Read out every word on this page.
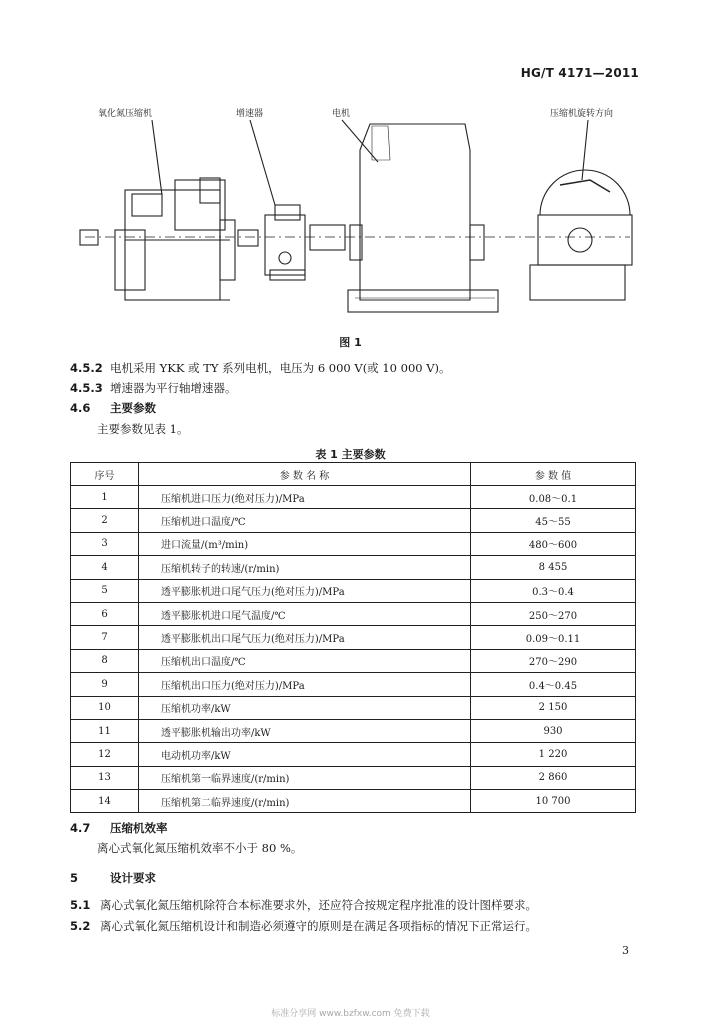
HG/T 4171—2011
氧化氮压缩机	增速器	电机	压缩机旋转方向
图 1
4.5.2 电机采用 YKK 或 TY 系列电机，电压为 6 000 V(或 10 000 V)。
4.5.3 增速器为平行轴增速器。
4.6 主要参数
主要参数见表 1。
表 1 主要参数
序号	参 数 名 称	参 数 值
1	压缩机进口压力(绝对压力)/MPa	0.08～0.1
2	压缩机进口温度/℃	45～55
3	进口流量/(m³/min)	480～600
4	压缩机转子的转速/(r/min)	8 455
5	透平膨胀机进口尾气压力(绝对压力)/MPa	0.3～0.4
6	透平膨胀机进口尾气温度/℃	250～270
7	透平膨胀机出口尾气压力(绝对压力)/MPa	0.09～0.11
8	压缩机出口温度/℃	270～290
9	压缩机出口压力(绝对压力)/MPa	0.4～0.45
10	压缩机功率/kW	2 150
11	透平膨胀机输出功率/kW	930
12	电动机功率/kW	1 220
13	压缩机第一临界速度/(r/min)	2 860
14	压缩机第二临界速度/(r/min)	10 700
4.7 压缩机效率
离心式氧化氮压缩机效率不小于 80 %。
5	设计要求
5.1 离心式氧化氮压缩机除符合本标准要求外，还应符合按规定程序批准的设计图样要求。
5.2 离心式氧化氮压缩机设计和制造必须遵守的原则是在满足各项指标的情况下正常运行。
3
标准分享网 www.bzfxw.com 免费下载
